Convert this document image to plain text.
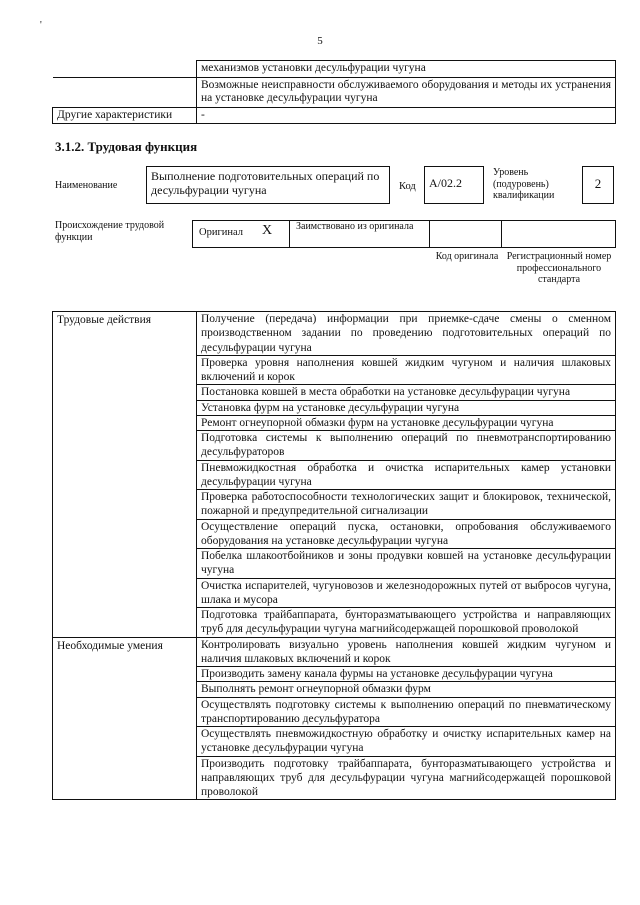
'
5
	механизмов установки десульфурации чугуна
	Возможные неисправности обслуживаемого оборудования и методы их устранения на установке десульфурации чугуна
Другие характеристики	-
3.1.2. Трудовая функция
Наименование
Выполнение подготовительных операций по десульфурации чугуна	Код	A/02.2
Уровень (подуровень) квалификации
2
Происхождение трудовой функции	Оригинал X Заимствовано из оригинала
Код оригинала Регистрационный номер профессионального стандарта
Трудовые действия	Получение (передача) информации при приемке-сдаче смены о сменном производственном задании по проведению подготовительных операций по десульфурации чугуна
	Проверка уровня наполнения ковшей жидким чугуном и наличия шлаковых включений и корок
	Постановка ковшей в места обработки на установке десульфурации чугуна
	Установка фурм на установке десульфурации чугуна
	Ремонт огнеупорной обмазки фурм на установке десульфурации чугуна
	Подготовка системы к выполнению операций по пневмотранспортированию десульфураторов
	Пневможидкостная обработка и очистка испарительных камер установки десульфурации чугуна
	Проверка работоспособности технологических защит и блокировок, технической, пожарной и предупредительной сигнализации
	Осуществление операций пуска, остановки, опробования обслуживаемого оборудования на установке десульфурации чугуна
	Побелка шлакоотбойников и зоны продувки ковшей на установке десульфурации чугуна
	Очистка испарителей, чугуновозов и железнодорожных путей от выбросов чугуна, шлака и мусора
	Подготовка трайбаппарата, бунторазматывающего устройства и направляющих труб для десульфурации чугуна магнийсодержащей порошковой проволокой
Необходимые умения	Контролировать визуально уровень наполнения ковшей жидким чугуном и наличия шлаковых включений и корок
	Производить замену канала фурмы на установке десульфурации чугуна
	Выполнять ремонт огнеупорной обмазки фурм
	Осуществлять подготовку системы к выполнению операций по пневматическому транспортированию десульфуратора
	Осуществлять пневможидкостную обработку и очистку испарительных камер на установке десульфурации чугуна
	Производить подготовку трайбаппарата, бунторазматывающего устройства и направляющих труб для десульфурации чугуна магнийсодержащей порошковой проволокой
